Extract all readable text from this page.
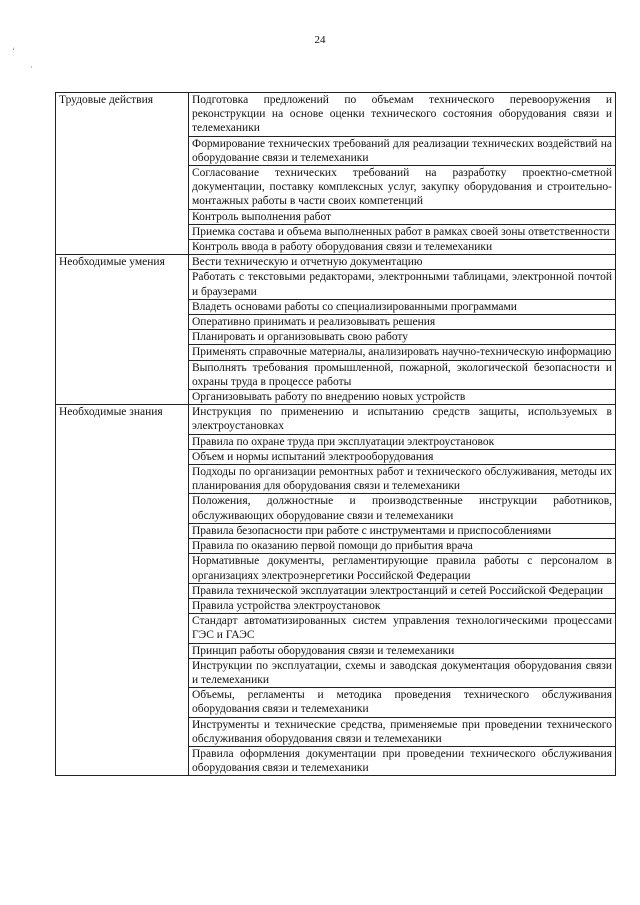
24
‘
·
Трудовые действия	Подготовка предложений по объемам технического перевооружения и реконструкции на основе оценки технического состояния оборудования связи и телемеханики
	Формирование технических требований для реализации технических воздействий на оборудование связи и телемеханики
	Согласование технических требований на разработку проектно-сметной документации, поставку комплексных услуг, закупку оборудования и строительно-монтажных работы в части своих компетенций
	Контроль выполнения работ
	Приемка состава и объема выполненных работ в рамках своей зоны ответственности
	Контроль ввода в работу оборудования связи и телемеханики
Необходимые умения	Вести техническую и отчетную документацию
	Работать с текстовыми редакторами, электронными таблицами, электронной почтой и браузерами
	Владеть основами работы со специализированными программами
	Оперативно принимать и реализовывать решения
	Планировать и организовывать свою работу
	Применять справочные материалы, анализировать научно-техническую информацию
	Выполнять требования промышленной, пожарной, экологической безопасности и охраны труда в процессе работы
	Организовывать работу по внедрению новых устройств
Необходимые знания	Инструкция по применению и испытанию средств защиты, используемых в электроустановках
	Правила по охране труда при эксплуатации электроустановок
	Объем и нормы испытаний электрооборудования
	Подходы по организации ремонтных работ и технического обслуживания, методы их планирования для оборудования связи и телемеханики
	Положения, должностные и производственные инструкции работников, обслуживающих оборудование связи и телемеханики
	Правила безопасности при работе с инструментами и приспособлениями
	Правила по оказанию первой помощи до прибытия врача
	Нормативные документы, регламентирующие правила работы с персоналом в организациях электроэнергетики Российской Федерации
	Правила технической эксплуатации электростанций и сетей Российской Федерации
	Правила устройства электроустановок
	Стандарт автоматизированных систем управления технологическими процессами ГЭС и ГАЭС
	Принцип работы оборудования связи и телемеханики
	Инструкции по эксплуатации, схемы и заводская документация оборудования связи и телемеханики
	Объемы, регламенты и методика проведения технического обслуживания оборудования связи и телемеханики
	Инструменты и технические средства, применяемые при проведении технического обслуживания оборудования связи и телемеханики
	Правила оформления документации при проведении технического обслуживания оборудования связи и телемеханики
